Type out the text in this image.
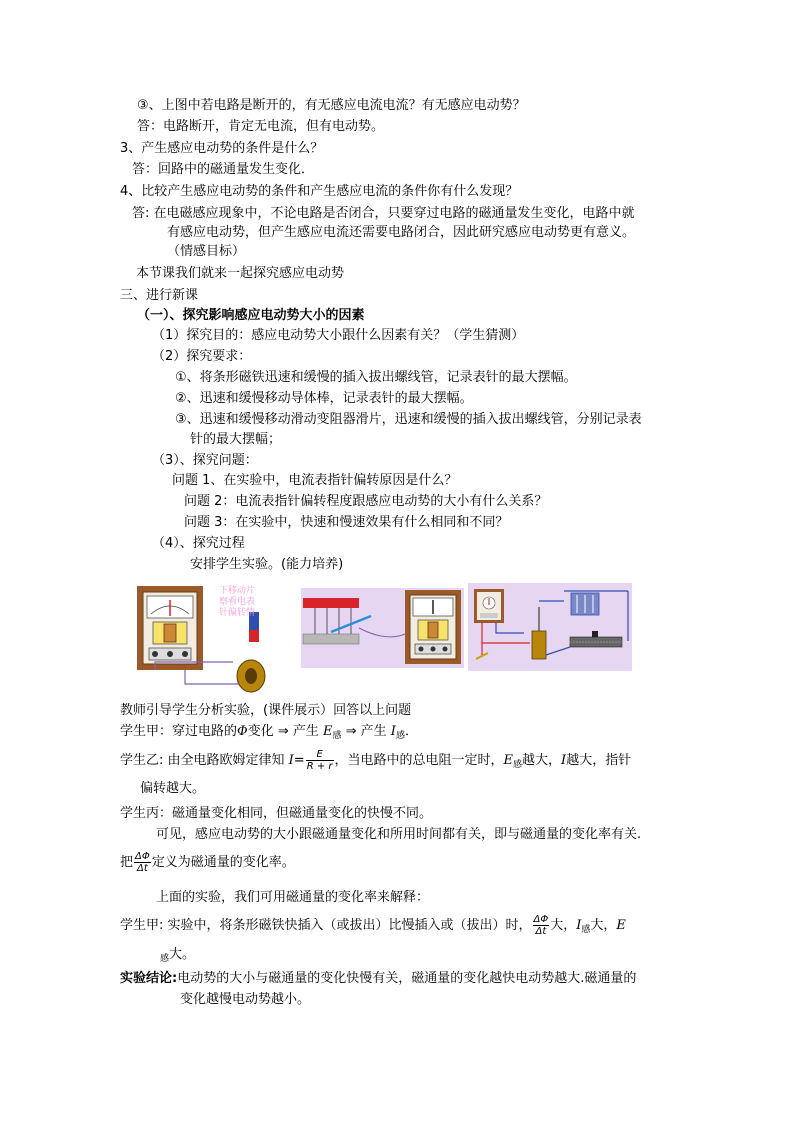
③、上图中若电路是断开的，有无感应电流电流？有无感应电动势？
答：电路断开，肯定无电流，但有电动势。
3、产生感应电动势的条件是什么？
答：回路中的磁通量发生变化．
4、比较产生感应电动势的条件和产生感应电流的条件你有什么发现？
答: 在电磁感应现象中，不论电路是否闭合，只要穿过电路的磁通量发生变化，电路中就
有感应电动势，但产生感应电流还需要电路闭合，因此研究感应电动势更有意义。
（情感目标）
本节课我们就来一起探究感应电动势
三、进行新课
（一）、探究影响感应电动势大小的因素
（1）探究目的：感应电动势大小跟什么因素有关？（学生猜测）
（2）探究要求：
①、将条形磁铁迅速和缓慢的插入拔出螺线管，记录表针的最大摆幅。
②、迅速和缓慢移动导体棒，记录表针的最大摆幅。
③、迅速和缓慢移动滑动变阻器滑片，迅速和缓慢的插入拔出螺线管，分别记录表
针的最大摆幅；
（3）、探究问题：
问题 1、在实验中，电流表指针偏转原因是什么？
问题 2：电流表指针偏转程度跟感应电动势的大小有什么关系？
问题 3：在实验中，快速和慢速效果有什么相同和不同？
（4）、探究过程
安排学生实验。(能力培养)
下移动片 察看电表 针偏转情
教师引导学生分析实验，(课件展示）回答以上问题
学生甲：穿过电路的Φ变化 ⇒ 产生 $E_感$ ⇒ 产生 $I_感$．
学生乙: 由全电路欧姆定律知 $I= \frac{E}{R + r}$ ，当电路中的总电阻一定时，$E_感$越大，I越大，指针
偏转越大。
学生丙：磁通量变化相同，但磁通量变化的快慢不同。
可见，感应电动势的大小跟磁通量变化和所用时间都有关，即与磁通量的变化率有关.
把 $\frac{\Delta\Phi}{\Delta t}$ 定义为磁通量的变化率。
上面的实验，我们可用磁通量的变化率来解释：
学生甲: 实验中，将条形磁铁快插入（或拔出）比慢插入或（拔出）时， $\frac{\Delta\Phi}{\Delta t}$ 大，$I_感$大，E
$_感$大。
实验结论:电动势的大小与磁通量的变化快慢有关，磁通量的变化越快电动势越大.磁通量的
变化越慢电动势越小。
